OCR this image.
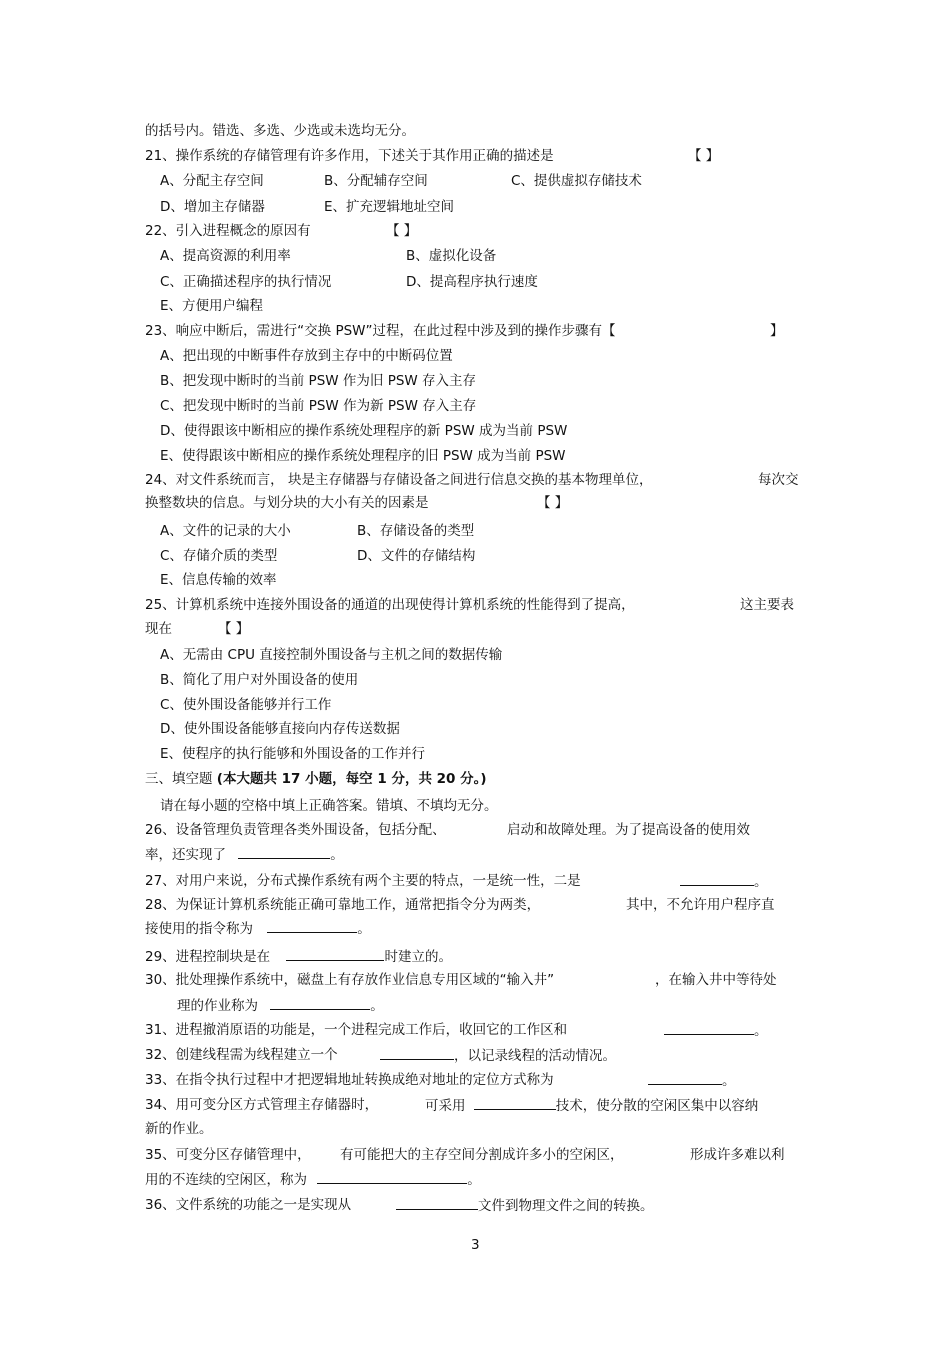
的括号内。错选、多选、少选或未选均无分。
21、操作系统的存储管理有许多作用，下述关于其作用正确的描述是	【 】
A、分配主存空间	B、分配辅存空间	C、提供虚拟存储技术
D、增加主存储器	E、扩充逻辑地址空间
22、引入进程概念的原因有	【 】
A、提高资源的利用率	B、虚拟化设备
C、正确描述程序的执行情况	D、提高程序执行速度
E、方便用户编程
23、响应中断后，需进行“交换 PSW”过程，在此过程中涉及到的操作步骤有【	】
A、把出现的中断事件存放到主存中的中断码位置
B、把发现中断时的当前 PSW 作为旧 PSW 存入主存
C、把发现中断时的当前 PSW 作为新 PSW 存入主存
D、使得跟该中断相应的操作系统处理程序的新 PSW 成为当前 PSW
E、使得跟该中断相应的操作系统处理程序的旧 PSW 成为当前 PSW
24、对文件系统而言， 块是主存储器与存储设备之间进行信息交换的基本物理单位，	每次交
换整数块的信息。与划分块的大小有关的因素是	【 】
A、文件的记录的大小	B、存储设备的类型
C、存储介质的类型	D、文件的存储结构
E、信息传输的效率
25、计算机系统中连接外围设备的通道的出现使得计算机系统的性能得到了提高，	这主要表
现在	【 】
A、无需由 CPU 直接控制外围设备与主机之间的数据传输
B、简化了用户对外围设备的使用
C、使外围设备能够并行工作
D、使外围设备能够直接向内存传送数据
E、使程序的执行能够和外围设备的工作并行
三、填空题 (本大题共 17 小题，每空 1 分，共 20 分。)
请在每小题的空格中填上正确答案。错填、不填均无分。
26、设备管理负责管理各类外围设备，包括分配、	启动和故障处理。为了提高设备的使用效
率，还实现了	。
27、对用户来说，分布式操作系统有两个主要的特点，一是统一性，二是	。
28、为保证计算机系统能正确可靠地工作，通常把指令分为两类，	其中，不允许用户程序直
接使用的指令称为	。
29、进程控制块是在	时建立的。
30、批处理操作系统中，磁盘上有存放作业信息专用区域的“输入井”	，在输入井中等待处
理的作业称为	。
31、进程撤消原语的功能是，一个进程完成工作后，收回它的工作区和	。
32、创建线程需为线程建立一个	，以记录线程的活动情况。
33、在指令执行过程中才把逻辑地址转换成绝对地址的定位方式称为	。
34、用可变分区方式管理主存储器时，	可采用	技术，使分散的空闲区集中以容纳
新的作业。
35、可变分区存储管理中， 有可能把大的主存空间分割成许多小的空闲区，	形成许多难以利
用的不连续的空闲区，称为	。
36、文件系统的功能之一是实现从	文件到物理文件之间的转换。
3
